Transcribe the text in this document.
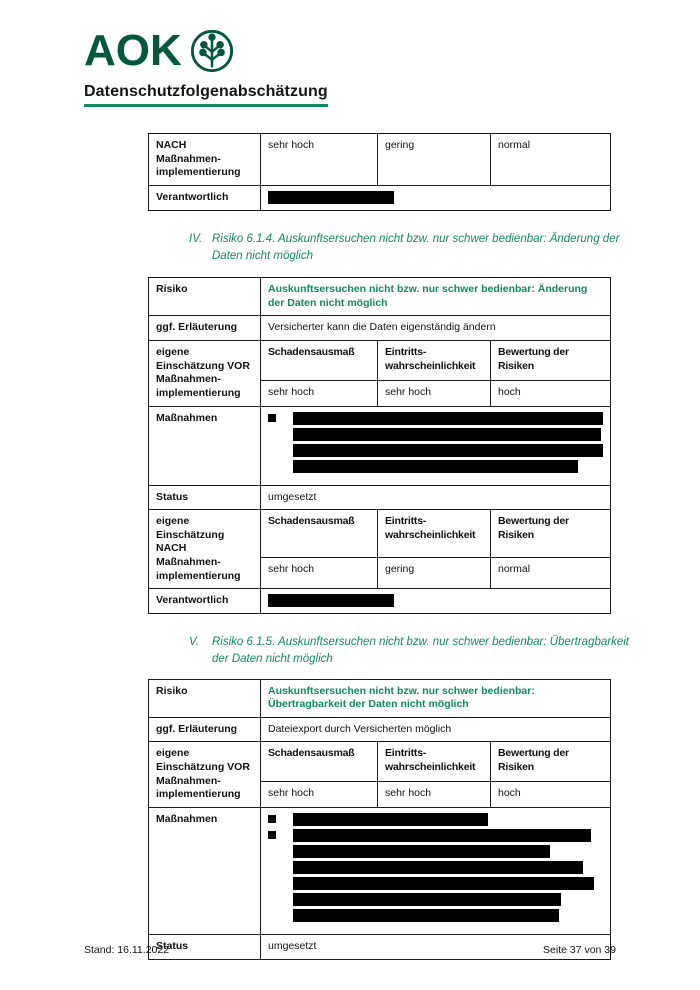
AOK
Datenschutzfolgenabschätzung
NACH Maßnahmen-implementierung	sehr hoch	gering	normal
Verantwortlich			
IV. Risiko 6.1.4. Auskunftsersuchen nicht bzw. nur schwer bedienbar: Änderung der Daten nicht möglich
Risiko	Auskunftsersuchen nicht bzw. nur schwer bedienbar: Änderung der Daten nicht möglich		
ggf. Erläuterung	Versicherter kann die Daten eigenständig ändern		
eigene Einschätzung VOR Maßnahmen-implementierung	Schadensausmaß	Eintritts-wahrscheinlichkeit	Bewertung der Risiken
	sehr hoch	sehr hoch	hoch
Maßnahmen			

Status	umgesetzt		
eigene Einschätzung NACH Maßnahmen-implementierung	Schadensausmaß	Eintritts-wahrscheinlichkeit	Bewertung der Risiken
	sehr hoch	gering	normal
Verantwortlich			
V.	Risiko 6.1.5. Auskunftsersuchen nicht bzw. nur schwer bedienbar: Übertragbarkeit der Daten nicht möglich
Risiko	Auskunftsersuchen nicht bzw. nur schwer bedienbar: Übertragbarkeit der Daten nicht möglich		
ggf. Erläuterung	Dateiexport durch Versicherten möglich		
eigene Einschätzung VOR Maßnahmen-implementierung	Schadensausmaß	Eintritts-wahrscheinlichkeit	Bewertung der Risiken
	sehr hoch	sehr hoch	hoch
Maßnahmen			

Status	umgesetzt		
Stand: 16.11.2022	Seite 37 von 39
